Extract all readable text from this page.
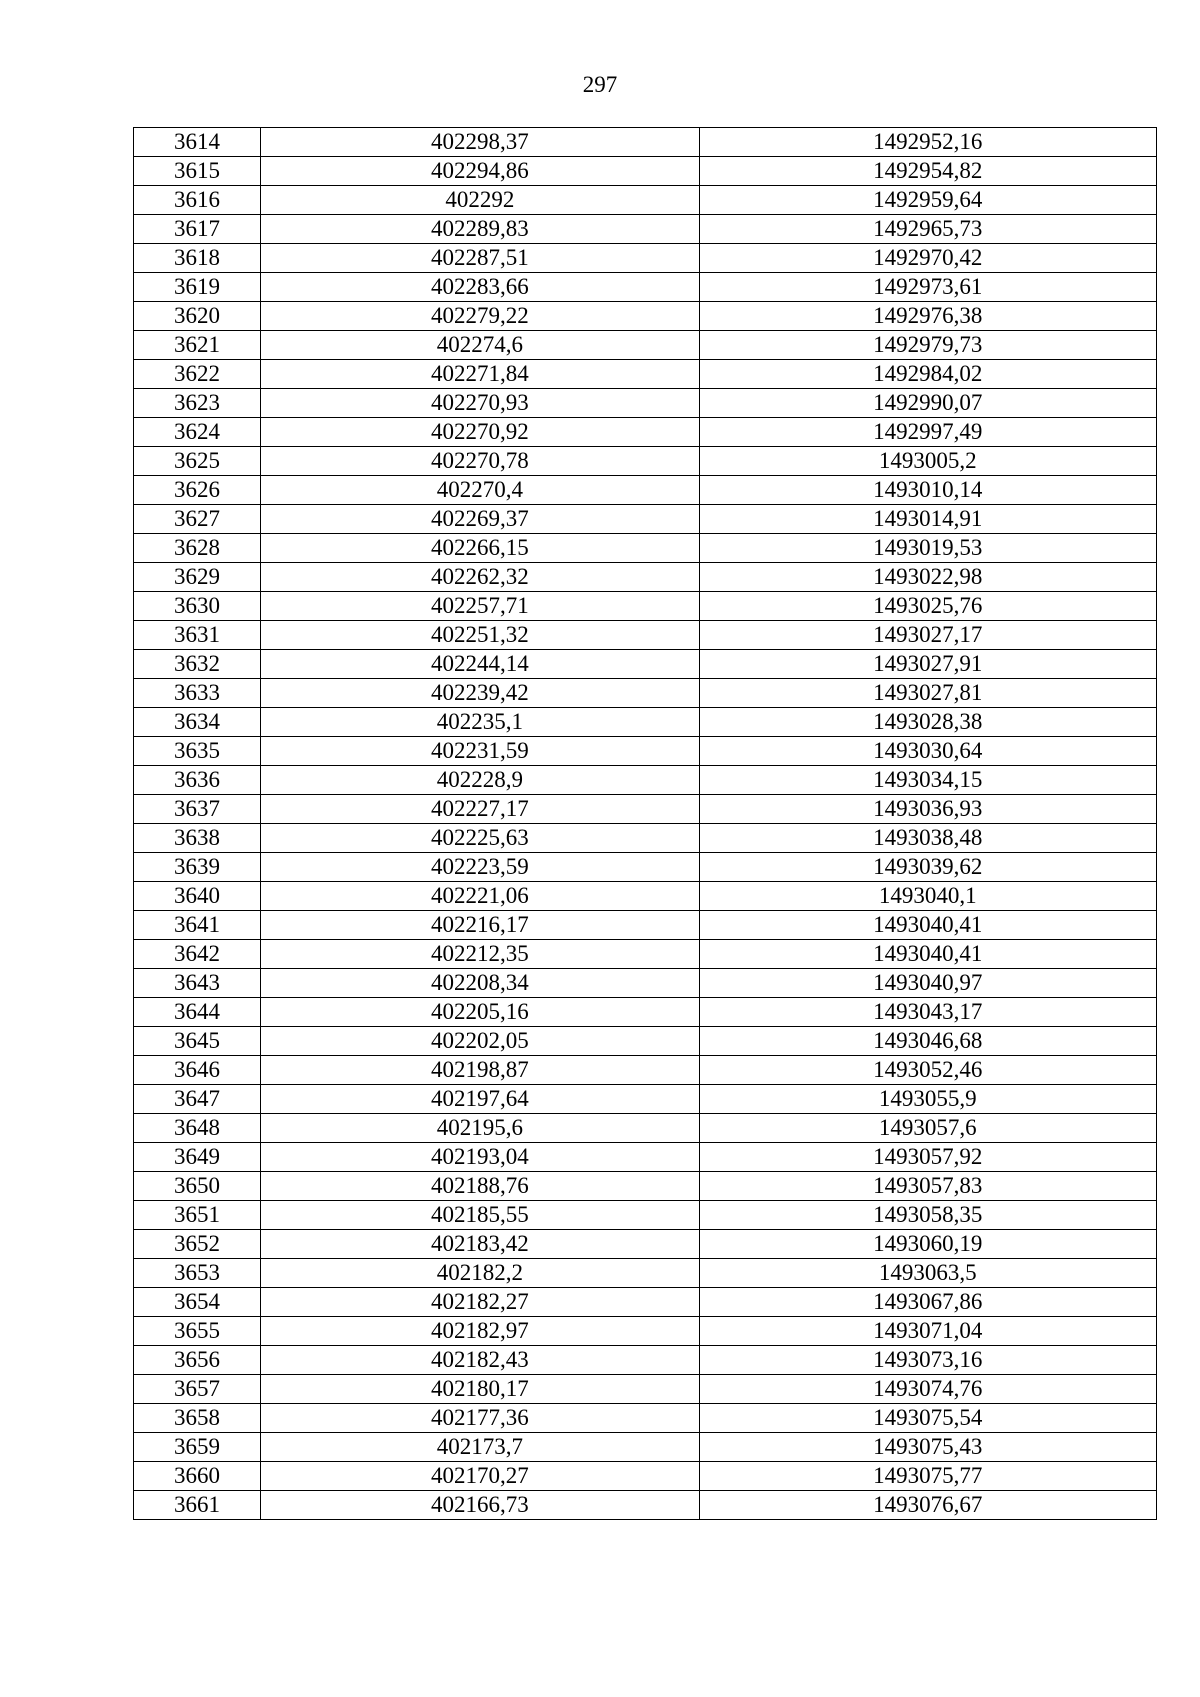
297
3614	402298,37	1492952,16
3615	402294,86	1492954,82
3616	402292	1492959,64
3617	402289,83	1492965,73
3618	402287,51	1492970,42
3619	402283,66	1492973,61
3620	402279,22	1492976,38
3621	402274,6	1492979,73
3622	402271,84	1492984,02
3623	402270,93	1492990,07
3624	402270,92	1492997,49
3625	402270,78	1493005,2
3626	402270,4	1493010,14
3627	402269,37	1493014,91
3628	402266,15	1493019,53
3629	402262,32	1493022,98
3630	402257,71	1493025,76
3631	402251,32	1493027,17
3632	402244,14	1493027,91
3633	402239,42	1493027,81
3634	402235,1	1493028,38
3635	402231,59	1493030,64
3636	402228,9	1493034,15
3637	402227,17	1493036,93
3638	402225,63	1493038,48
3639	402223,59	1493039,62
3640	402221,06	1493040,1
3641	402216,17	1493040,41
3642	402212,35	1493040,41
3643	402208,34	1493040,97
3644	402205,16	1493043,17
3645	402202,05	1493046,68
3646	402198,87	1493052,46
3647	402197,64	1493055,9
3648	402195,6	1493057,6
3649	402193,04	1493057,92
3650	402188,76	1493057,83
3651	402185,55	1493058,35
3652	402183,42	1493060,19
3653	402182,2	1493063,5
3654	402182,27	1493067,86
3655	402182,97	1493071,04
3656	402182,43	1493073,16
3657	402180,17	1493074,76
3658	402177,36	1493075,54
3659	402173,7	1493075,43
3660	402170,27	1493075,77
3661	402166,73	1493076,67
